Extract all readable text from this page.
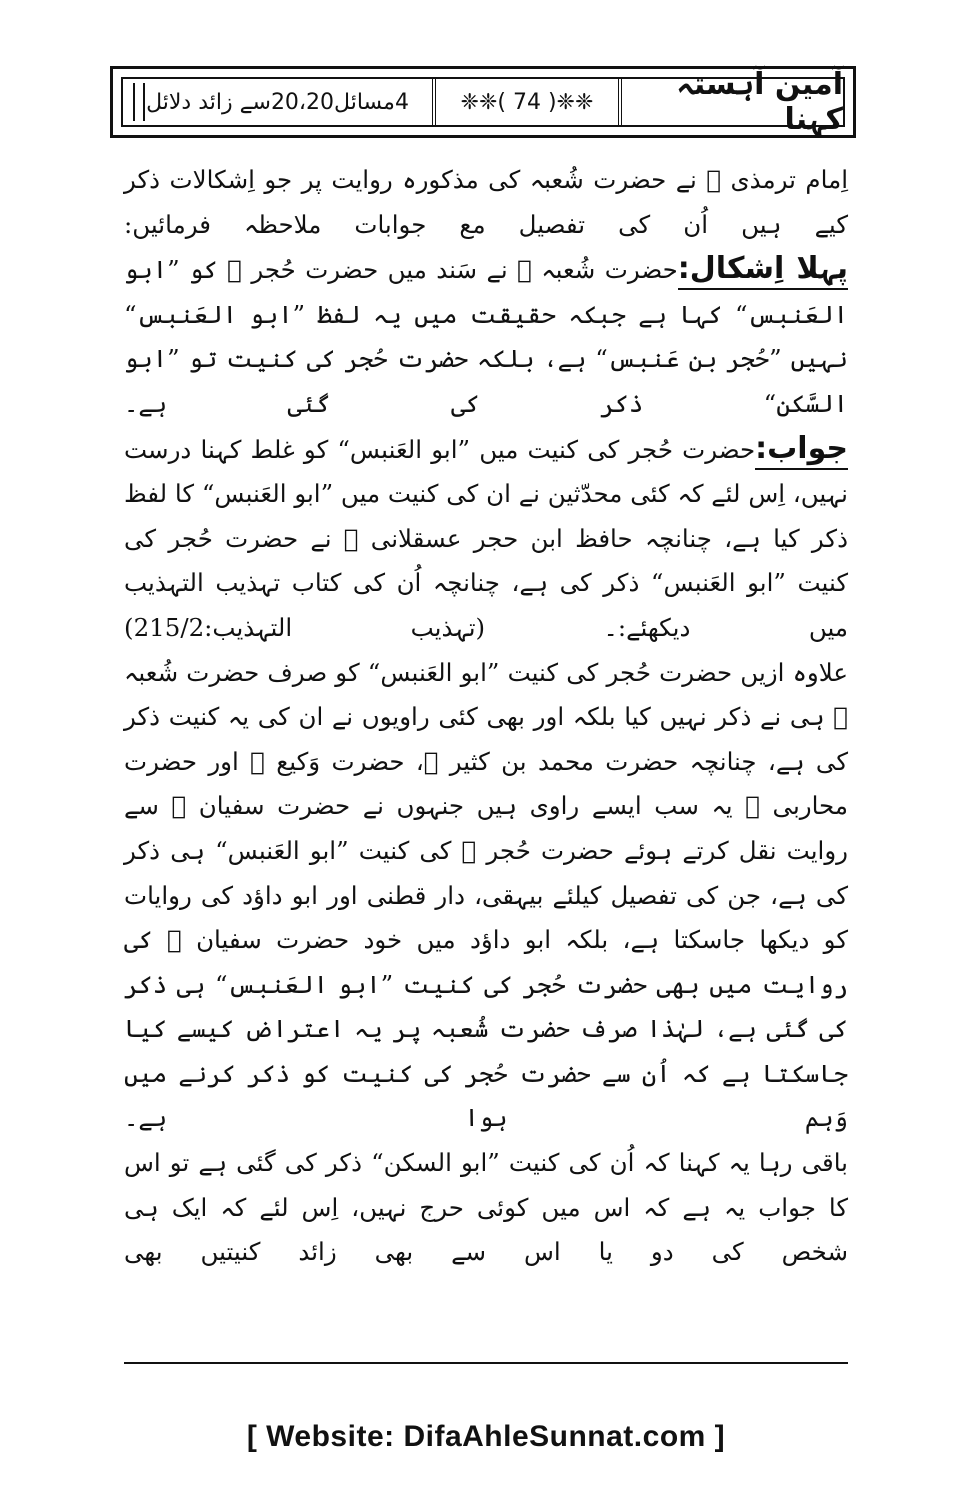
آمین آہستہ کہنا
❈❈( 74 )❈❈
4مسائل20،20سے زائد دلائل

اِمام ترمذی ﷫ نے حضرت شُعبہ کی مذکورہ روایت پر جو اِشکالات ذکر کیے ہیں اُن کی تفصیل مع جوابات ملاحظہ فرمائیں:

پہلا اِشکال:حضرت شُعبہ ﷫ نے سَند میں حضرت حُجر ﷫ کو ”ابو العَنبس“ کہا ہے جبکہ حقیقت میں یہ لفظ ”ابو العَنبس“ نہیں ”حُجر بن عَنبس“ ہے، بلکہ حضرت حُجر کی کنیت تو ”ابو السَّکن“ ذکر کی گئی ہے۔

جواب:حضرت حُجر کی کنیت میں ”ابو العَنبس“ کو غلط کہنا درست نہیں، اِس لئے کہ کئی محدّثین نے ان کی کنیت میں ”ابو العَنبس“ کا لفظ ذکر کیا ہے، چنانچہ حافظ ابن حجر عسقلانی ﷫ نے حضرت حُجر کی کنیت ”ابو العَنبس“ ذکر کی ہے، چنانچہ اُن کی کتاب تہذیب التہذیب میں دیکھئے:۔ (تہذیب التہذیب:215/2)

علاوہ ازیں حضرت حُجر کی کنیت ”ابو العَنبس“ کو صرف حضرت شُعبہ ﷫ ہی نے ذکر نہیں کیا بلکہ اور بھی کئی راویوں نے ان کی یہ کنیت ذکر کی ہے، چنانچہ حضرت محمد بن کثیر ﷫، حضرت وَکیع ﷫ اور حضرت محاربی ﷫ یہ سب ایسے راوی ہیں جنہوں نے حضرت سفیان ﷫ سے روایت نقل کرتے ہوئے حضرت حُجر ﷫ کی کنیت ”ابو العَنبس“ ہی ذکر کی ہے، جن کی تفصیل کیلئے بیہقی، دار قطنی اور ابو داؤد کی روایات کو دیکھا جاسکتا ہے، بلکہ ابو داؤد میں خود حضرت سفیان ﷫ کی روایت میں بھی حضرت حُجر کی کنیت ”ابو العَنبس“ ہی ذکر کی گئی ہے، لہٰذا صرف حضرت شُعبہ پر یہ اعتراض کیسے کیا جاسکتا ہے کہ اُن سے حضرت حُجر کی کنیت کو ذکر کرنے میں وَہم ہوا ہے۔

باقی رہا یہ کہنا کہ اُن کی کنیت ”ابو السکن“ ذکر کی گئی ہے تو اس کا جواب یہ ہے کہ اس میں کوئی حرج نہیں، اِس لئے کہ ایک ہی شخص کی دو یا اس سے بھی زائد کنیتیں بھی

[ Website: DifaAhleSunnat.com ]
